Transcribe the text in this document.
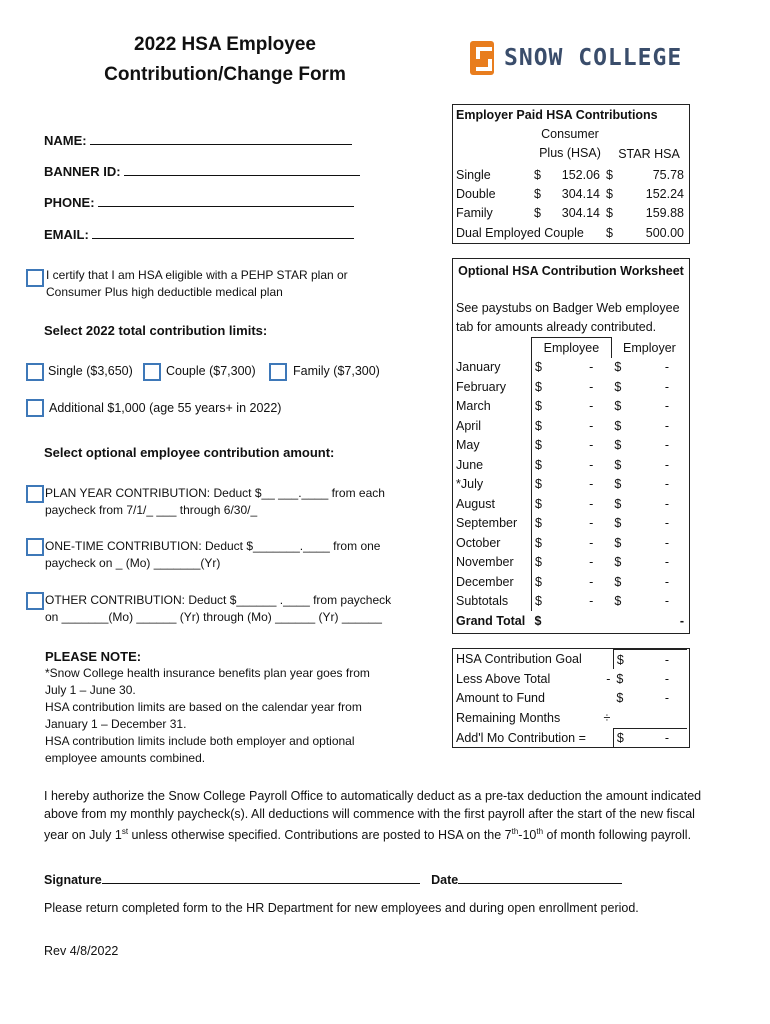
2022 HSA Employee
Contribution/Change Form
SNOW COLLEGE
NAME:
BANNER ID:
PHONE:
EMAIL:
I certify that I am HSA eligible with a PEHP STAR plan or
Consumer Plus high deductible medical plan
Select 2022 total contribution limits:
Single ($3,650)	Couple ($7,300)	Family ($7,300)
Additional $1,000 (age 55 years+ in 2022)
Select optional employee contribution amount:
PLAN YEAR CONTRIBUTION: Deduct $__ ___.____ from each
paycheck from 7/1/_ ___ through 6/30/_
ONE-TIME CONTRIBUTION: Deduct $_______.____ from one
paycheck on _ (Mo) _______(Yr)
OTHER CONTRIBUTION: Deduct $______ .____ from paycheck
on _______(Mo) ______ (Yr) through (Mo) ______ (Yr) ______
PLEASE NOTE:
*Snow College health insurance benefits plan year goes from
July 1 – June 30.
HSA contribution limits are based on the calendar year from
January 1 – December 31.
HSA contribution limits include both employer and optional
employee amounts combined.
Employer Paid HSA Contributions
Consumer
Plus (HSA)	STAR HSA
Single	$	152.06	$	75.78
Double	$	304.14	$	152.24
Family	$	304.14	$	159.88
Dual Employed Couple			$	500.00
Optional HSA Contribution Worksheet
See paystubs on Badger Web employee
tab for amounts already contributed.
	Employee		Employer	
January	$	-	$	-
February	$	-	$	-
March	$	-	$	-
April	$	-	$	-
May	$	-	$	-
June	$	-	$	-
*July	$	-	$	-
August	$	-	$	-
September	$	-	$	-
October	$	-	$	-
November	$	-	$	-
December	$	-	$	-
Subtotals	$	-	$	-
Grand Total	$			-
HSA Contribution Goal		$	-
Less Above Total	-	$	-
Amount to Fund		$	-
Remaining Months	÷		
Add'l Mo Contribution =		$	-
I hereby authorize the Snow College Payroll Office to automatically deduct as a pre-tax deduction the amount indicated
above from my monthly paycheck(s). All deductions will commence with the first payroll after the start of the new fiscal
year on July 1st unless otherwise specified. Contributions are posted to HSA on the 7th-10th of month following payroll.
Signature	Date
Please return completed form to the HR Department for new employees and during open enrollment period.
Rev 4/8/2022
